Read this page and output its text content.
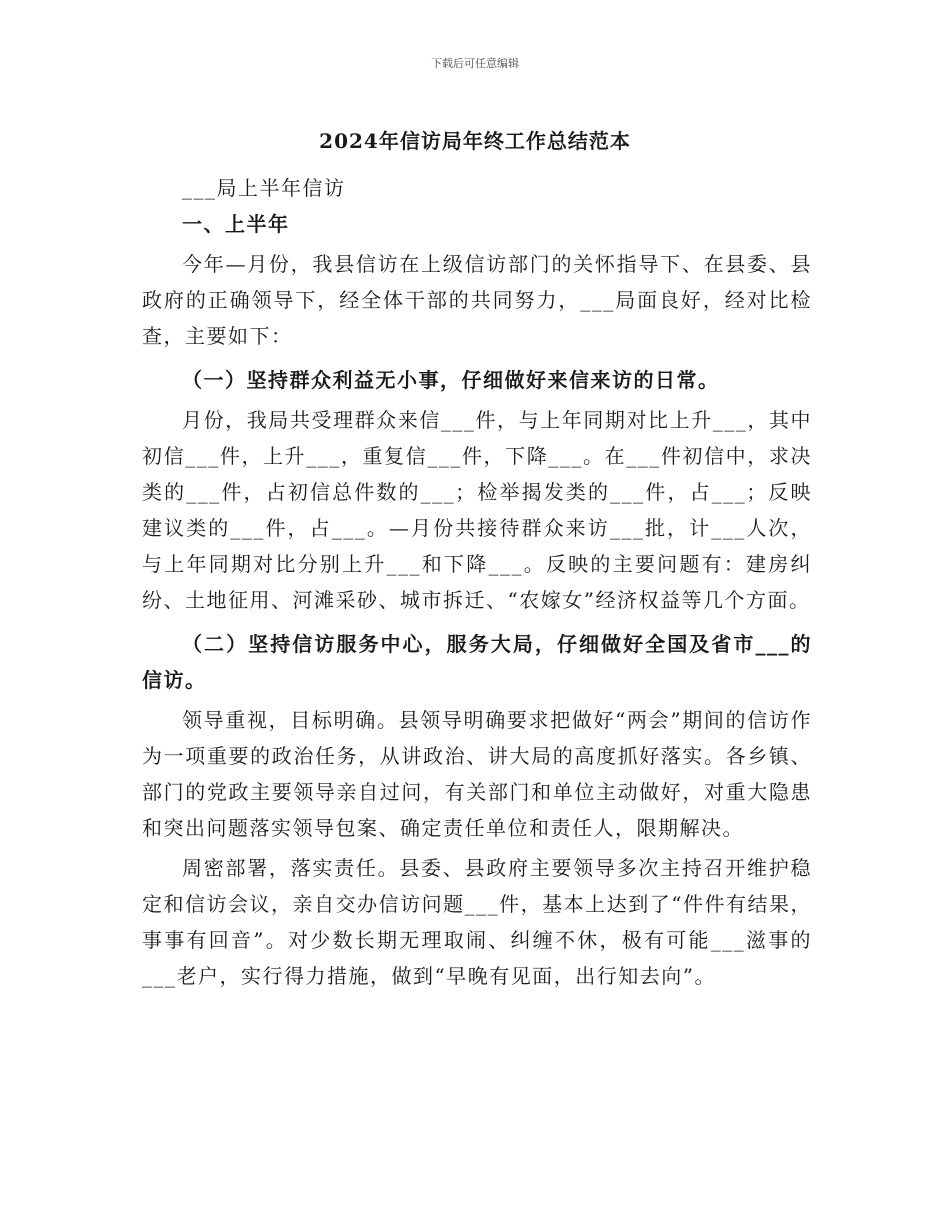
下载后可任意编辑
2024年信访局年终工作总结范本

___局上半年信访

一、上半年

今年—月份，我县信访在上级信访部门的关怀指导下、在县委、县政府的正确领导下，经全体干部的共同努力，___局面良好，经对比检查，主要如下：

（一）坚持群众利益无小事，仔细做好来信来访的日常。

月份，我局共受理群众来信___件，与上年同期对比上升___，其中初信___件，上升___，重复信___件，下降___。在___件初信中，求决类的___件，占初信总件数的___；检举揭发类的___件，占___；反映建议类的___件，占___。—月份共接待群众来访___批，计___人次，与上年同期对比分别上升___和下降___。反映的主要问题有：建房纠纷、土地征用、河滩采砂、城市拆迁、“农嫁女”经济权益等几个方面。

（二）坚持信访服务中心，服务大局，仔细做好全国及省市___的信访。

领导重视，目标明确。县领导明确要求把做好“两会”期间的信访作为一项重要的政治任务，从讲政治、讲大局的高度抓好落实。各乡镇、部门的党政主要领导亲自过问，有关部门和单位主动做好，对重大隐患和突出问题落实领导包案、确定责任单位和责任人，限期解决。

周密部署，落实责任。县委、县政府主要领导多次主持召开维护稳定和信访会议，亲自交办信访问题___件，基本上达到了“件件有结果，事事有回音”。对少数长期无理取闹、纠缠不休，极有可能___滋事的___老户，实行得力措施，做到“早晚有见面，出行知去向”。
